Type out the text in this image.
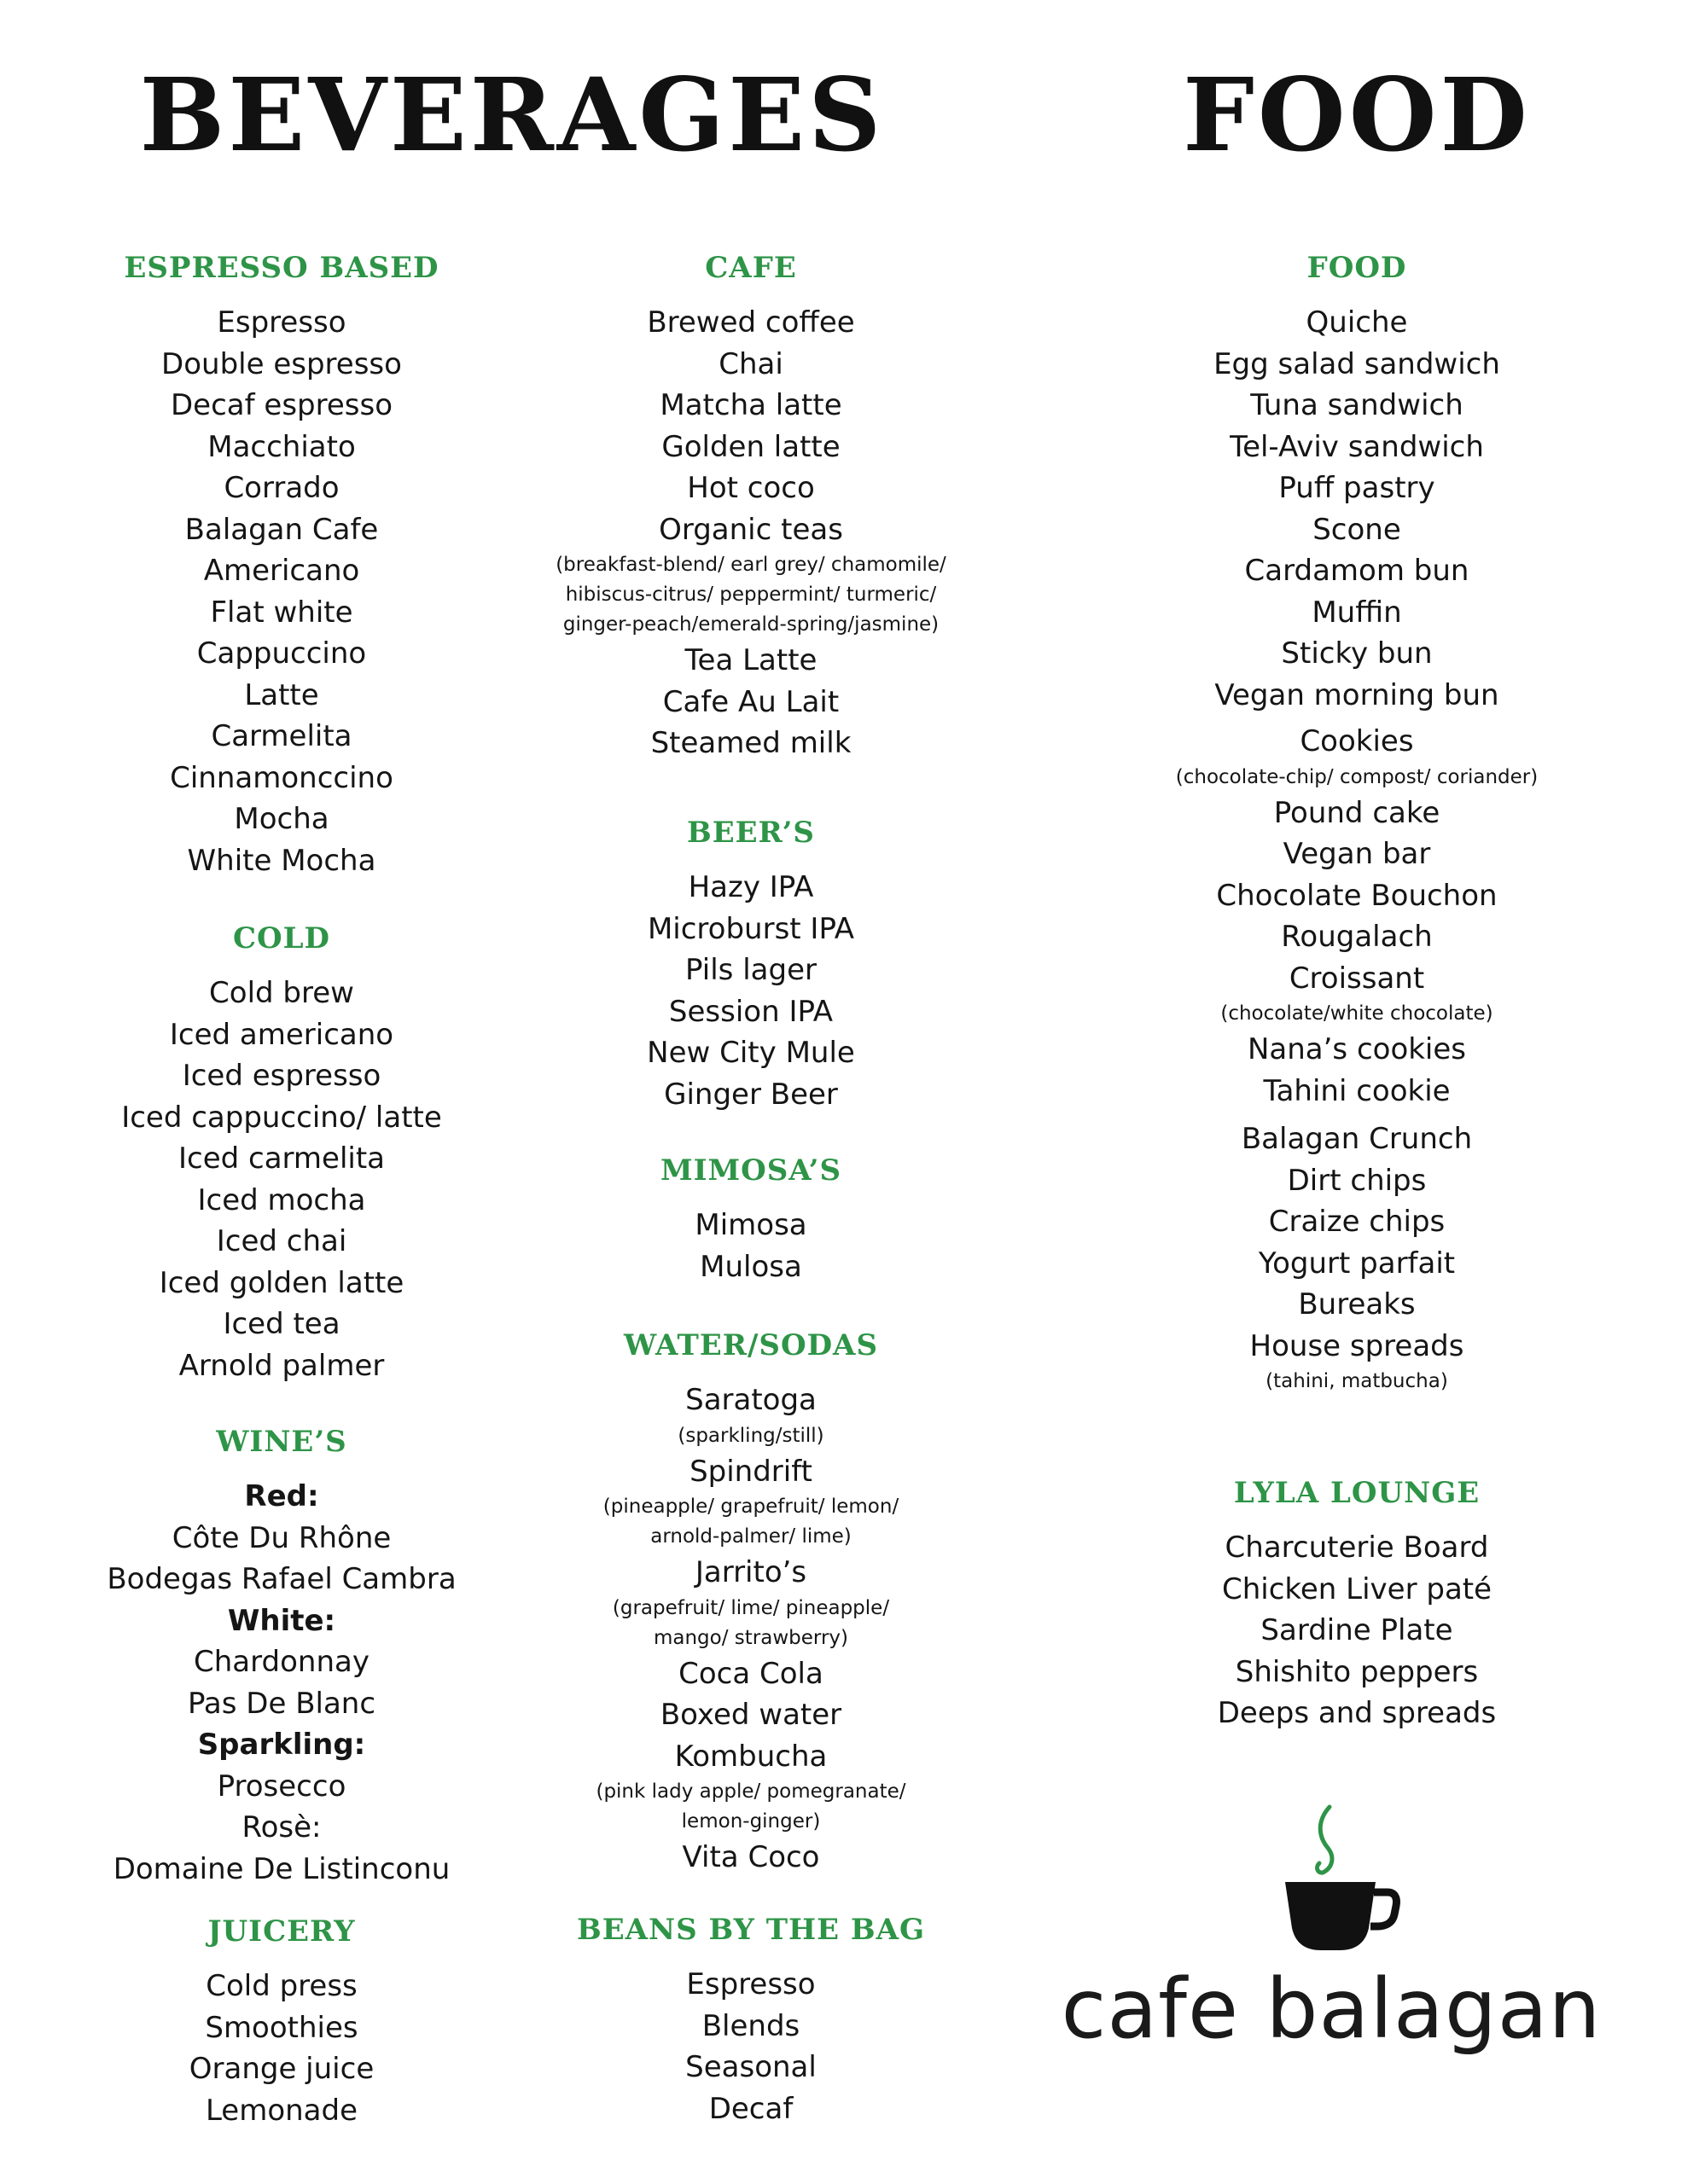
BEVERAGES	FOOD
ESPRESSO BASED
Espresso
Double espresso
Decaf espresso
Macchiato
Corrado
Balagan Cafe
Americano
Flat white
Cappuccino
Latte
Carmelita
Cinnamonccino
Mocha
White Mocha
COLD
Cold brew
Iced americano
Iced espresso
Iced cappuccino/ latte
Iced carmelita
Iced mocha
Iced chai
Iced golden latte
Iced tea
Arnold palmer
WINE’S
Red:
Côte Du Rhône
Bodegas Rafael Cambra
White:
Chardonnay
Pas De Blanc
Sparkling:
Prosecco
Rosè:
Domaine De Listinconu
JUICERY
Cold press
Smoothies
Orange juice
Lemonade
CAFE
Brewed coffee
Chai
Matcha latte
Golden latte
Hot coco
Organic teas
(breakfast-blend/ earl grey/ chamomile/
hibiscus-citrus/ peppermint/ turmeric/
ginger-peach/emerald-spring/jasmine)
Tea Latte
Cafe Au Lait
Steamed milk
BEER’S
Hazy IPA
Microburst IPA
Pils lager
Session IPA
New City Mule
Ginger Beer
MIMOSA’S
Mimosa
Mulosa
WATER/SODAS
Saratoga
(sparkling/still)
Spindrift
(pineapple/ grapefruit/ lemon/
arnold-palmer/ lime)
Jarrito’s
(grapefruit/ lime/ pineapple/
mango/ strawberry)
Coca Cola
Boxed water
Kombucha
(pink lady apple/ pomegranate/
lemon-ginger)
Vita Coco
BEANS BY THE BAG
Espresso
Blends
Seasonal
Decaf
FOOD
Quiche
Egg salad sandwich
Tuna sandwich
Tel-Aviv sandwich
Puff pastry
Scone
Cardamom bun
Muffin
Sticky bun
Vegan morning bun
Cookies
(chocolate-chip/ compost/ coriander)
Pound cake
Vegan bar
Chocolate Bouchon
Rougalach
Croissant
(chocolate/white chocolate)
Nana’s cookies
Tahini cookie
Balagan Crunch
Dirt chips
Craize chips
Yogurt parfait
Bureaks
House spreads
(tahini, matbucha)
LYLA LOUNGE
Charcuterie Board
Chicken Liver paté
Sardine Plate
Shishito peppers
Deeps and spreads
cafe balagan
